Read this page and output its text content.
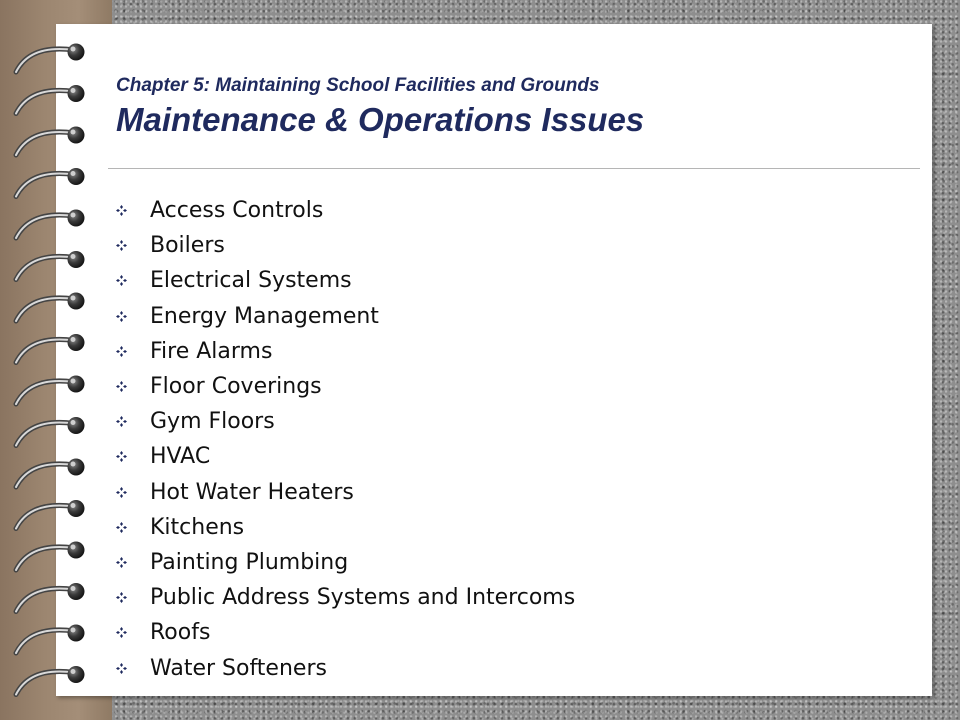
Chapter 5: Maintaining School Facilities and Grounds
Maintenance & Operations Issues
Access Controls
Boilers
Electrical Systems
Energy Management
Fire Alarms
Floor Coverings
Gym Floors
HVAC
Hot Water Heaters
Kitchens
Painting Plumbing
Public Address Systems and Intercoms
Roofs
Water Softeners
